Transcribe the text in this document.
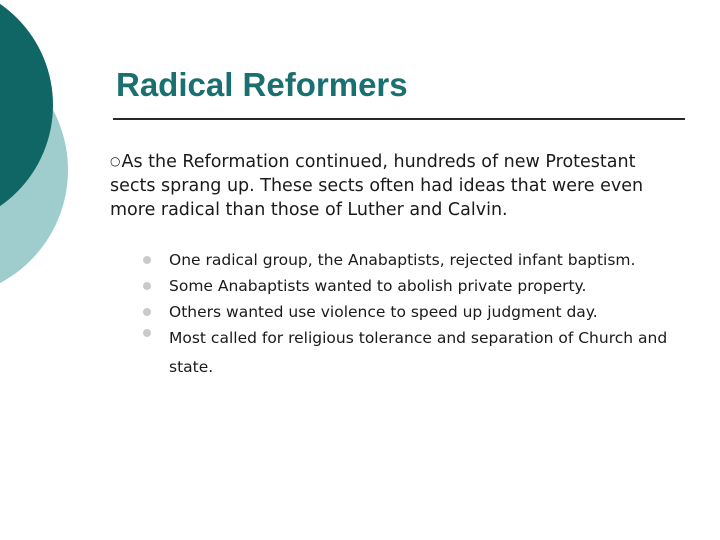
Radical Reformers

○As the Reformation continued, hundreds of new Protestant sects sprang up. These sects often had ideas that were even more radical than those of Luther and Calvin.

One radical group, the Anabaptists, rejected infant baptism.
Some Anabaptists wanted to abolish private property.
Others wanted use violence to speed up judgment day.
Most called for religious tolerance and separation of Church and state.
